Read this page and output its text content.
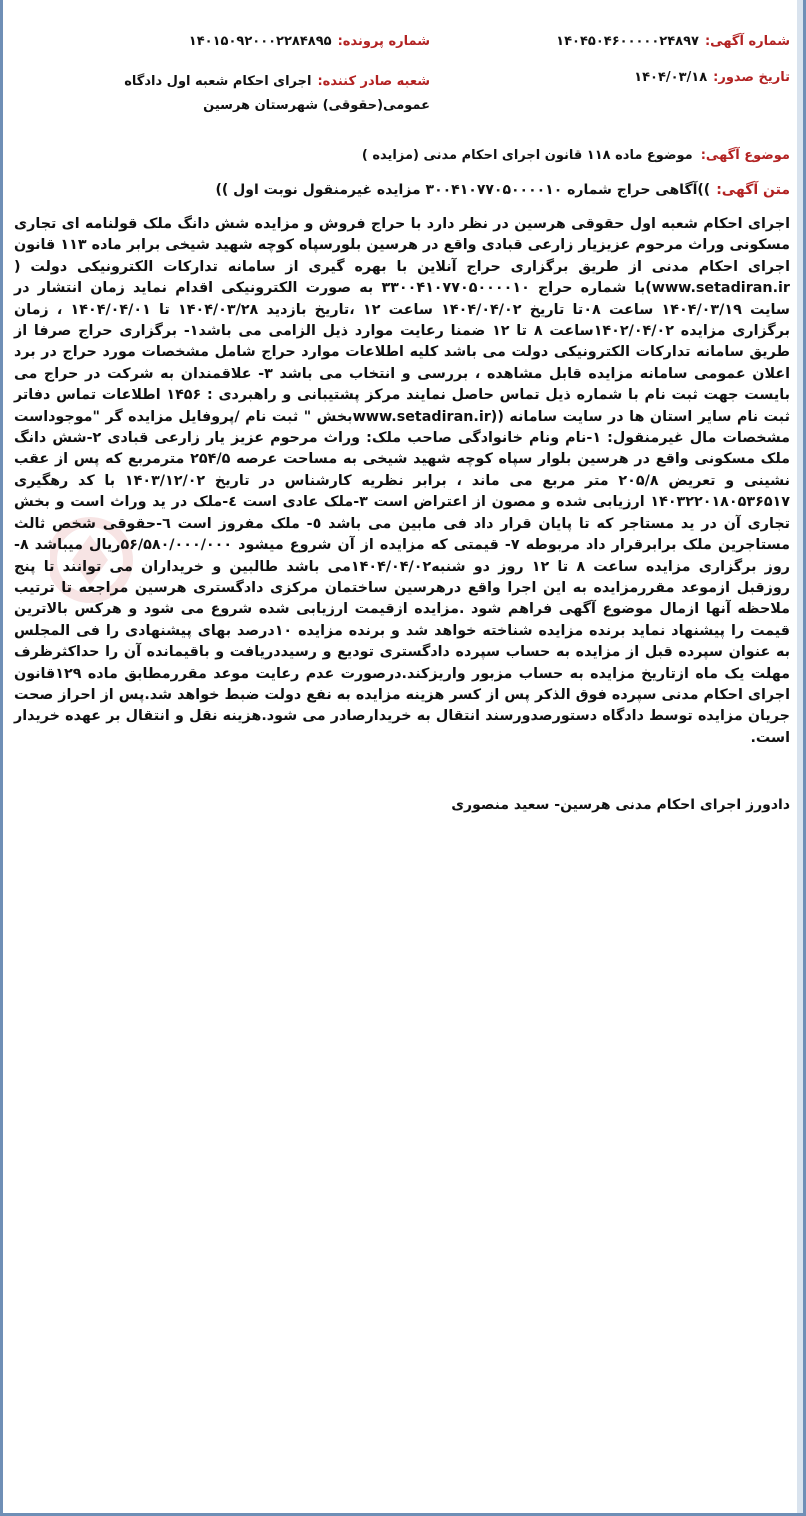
شماره آگهی:۱۴۰۴۵۰۴۶۰۰۰۰۰۲۴۸۹۷
شماره پرونده:۱۴۰۱۵۰۹۲۰۰۰۲۲۸۴۸۹۵
تاریخ صدور:۱۴۰۴/۰۳/۱۸
شعبه صادر کننده:اجرای احکام شعبه اول دادگاه عمومی(حقوقی) شهرستان هرسین
موضوع آگهی:موضوع ماده ۱۱۸ قانون اجرای احکام مدنی (مزایده )
متن آگهی:))آگاهی حراج شماره ۳۰۰۴۱۰۷۷۰۵۰۰۰۰۱۰ مزایده غیرمنقول نوبت اول ))

اجرای احکام شعبه اول حقوقی هرسین در نظر دارد با حراج فروش و مزایده شش دانگ ملک قولنامه ای تجاری مسکونی وراث مرحوم عزیزیار زارعی قبادی واقع در هرسین بلورسپاه کوچه شهید شیخی برابر ماده ۱۱۳ قانون اجرای احکام مدنی از طریق برگزاری حراج آنلاین با بهره گیری از سامانه تدارکات الکترونیکی دولت ( www.setadiran.ir)با شماره حراج ۳۳۰۰۴۱۰۷۷۰۵۰۰۰۰۱۰ به صورت الکترونیکی اقدام نماید زمان انتشار در سایت ۱۴۰۴/۰۳/۱۹ ساعت ۰۸تا تاریخ ۱۴۰۴/۰۴/۰۲ ساعت ۱۲ ،تاریخ بازدید ۱۴۰۴/۰۳/۲۸ تا ۱۴۰۴/۰۴/۰۱ ، زمان برگزاری مزایده ۱۴۰۲/۰۴/۰۲ساعت ۸ تا ۱۲ ضمنا رعایت موارد ذیل الزامی می باشد۱- برگزاری حراج صرفا از طریق سامانه تدارکات الکترونیکی دولت می باشد کلیه اطلاعات موارد حراج شامل مشخصات مورد حراج در برد اعلان عمومی سامانه مزایده قابل مشاهده ، بررسی و انتخاب می باشد ۳- علاقمندان به شرکت در حراج می بایست جهت ثبت نام با شماره ذیل تماس حاصل نمایند مرکز پشتیبانی و راهبردی : ۱۴۵۶ اطلاعات تماس دفاتر ثبت نام سایر استان ها در سایت سامانه ((www.setadiran.irبخش " ثبت نام /پروفایل مزایده گر "موجوداست مشخصات مال غیرمنقول: ۱-نام ونام خانوادگی صاحب ملک: وراث مرحوم عزیز یار زارعی قبادی ۲-شش دانگ ملک مسکونی واقع در هرسین بلوار سپاه کوچه شهید شیخی به مساحت عرصه ۲۵۴/۵ مترمربع که پس از عقب نشینی و تعریض ۲۰۵/۸ متر مربع می ماند ، برابر نظریه کارشناس در تاریخ ۱۴۰۳/۱۲/۰۲ با کد رهگیری ۱۴۰۳۲۲۰۱۸۰۵۳۶۵۱۷ ارزیابی شده و مصون از اعتراض است ۳-ملک عادی است ٤-ملک در ید وراث است و بخش تجاری آن در ید مستاجر که تا پایان قرار داد فی مابین می باشد ٥- ملک مفروز است ٦-حقوقی شخص ثالث مستاجرین ملک برابرقرار داد مربوطه ۷- قیمتی که مزایده از آن شروع میشود ۵۶/۵۸۰/۰۰۰/۰۰۰ریال میباشد ۸-روز برگزاری مزایده ساعت ۸ تا ۱۲ روز دو شنبه۱۴۰۴/۰۴/۰۲می باشد طالبین و خریداران می توانند تا پنج روزقبل ازموعد مقررمزایده به این اجرا واقع درهرسین ساختمان مرکزی دادگستری هرسین مراجعه تا ترتیب ملاحظه آنها ازمال موضوع آگهی فراهم شود .مزایده ازقیمت ارزیابی شده شروع می شود و هرکس بالاترین قیمت را پیشنهاد نماید برنده مزایده شناخته خواهد شد و برنده مزایده ۱۰درصد بهای پیشنهادی را فی المجلس به عنوان سپرده قبل از مزایده به حساب سپرده دادگستری تودیع و رسیددریافت و باقیمانده آن را حداکثرظرف مهلت یک ماه ازتاریخ مزایده به حساب مزبور واریزکند.درصورت عدم رعایت موعد مقررمطابق ماده ۱۲۹قانون اجرای احکام مدنی سپرده فوق الذکر پس از کسر هزینه مزایده به نفع دولت ضبط خواهد شد.پس از احراز صحت جریان مزایده توسط دادگاه دستورصدورسند انتقال به خریدارصادر می شود.هزینه نقل و انتقال بر عهده خریدار است.

دادورز اجرای احکام مدنی هرسین- سعید منصوری
